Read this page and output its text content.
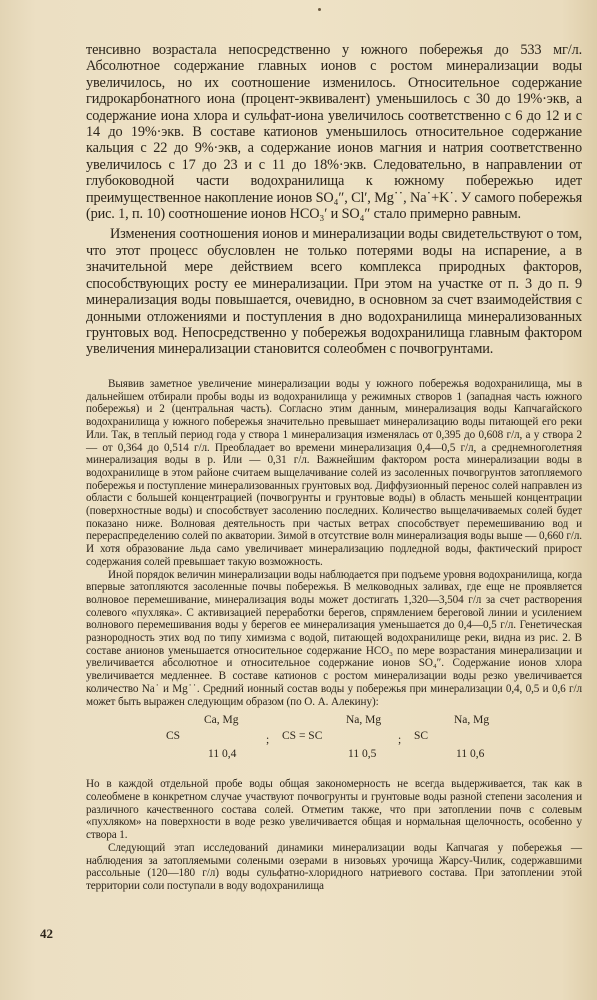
тенсивно возрастала непосредственно у южного побережья до 533 мг/л. Абсолютное содержание главных ионов с ростом минерализации воды увеличилось, но их соотношение изменилось. Относительное содержание гидрокарбонатного иона (процент-эквивалент) уменьшилось с 30 до 19%·экв, а содержание иона хлора и сульфат-иона увеличилось соответственно с 6 до 12 и с 14 до 19%·экв. В составе катионов уменьшилось относительное содержание кальция с 22 до 9%·экв, а содержание ионов магния и натрия соответственно увеличилось с 17 до 23 и с 11 до 18%·экв. Следовательно, в направлении от глубоководной части водохранилища к южному побережью идет преимущественное накопление ионов SO₄″, Cl′, Mg˙˙, Na˙+K˙. У самого побережья (рис. 1, п. 10) соотношение ионов HCO₃′ и SO₄″ стало примерно равным.

Изменения соотношения ионов и минерализации воды свидетельствуют о том, что этот процесс обусловлен не только потерями воды на испарение, а в значительной мере действием всего комплекса природных факторов, способствующих росту ее минерализации. При этом на участке от п. 3 до п. 9 минерализация воды повышается, очевидно, в основном за счет взаимодействия с донными отложениями и поступления в дно водохранилища минерализованных грунтовых вод. Непосредственно у побережья водохранилища главным фактором увеличения минерализации становится солеобмен с почвогрунтами.

Выявив заметное увеличение минерализации воды у южного побережья водохранилища, мы в дальнейшем отбирали пробы воды из водохранилища у режимных створов 1 (западная часть южного побережья) и 2 (центральная часть). Согласно этим данным, минерализация воды Капчагайского водохранилища у южного побережья значительно превышает минерализацию воды питающей его реки Или. Так, в теплый период года у створа 1 минерализация изменялась от 0,395 до 0,608 г/л, а у створа 2 — от 0,364 до 0,514 г/л. Преобладает во времени минерализация 0,4—0,5 г/л, а среднемноголетняя минерализация воды в р. Или — 0,31 г/л. Важнейшим фактором роста минерализации воды в водохранилище в этом районе считаем выщелачивание солей из засоленных почвогрунтов затопляемого побережья и поступление минерализованных грунтовых вод. Диффузионный перенос солей направлен из области с большей концентрацией (почвогрунты и грунтовые воды) в область меньшей концентрации (поверхностные воды) и способствует засолению последних. Количество выщелачиваемых солей будет показано ниже. Волновая деятельность при частых ветрах способствует перемешиванию вод и перераспределению солей по акватории. Зимой в отсутствие волн минерализация воды выше — 0,660 г/л. И хотя образование льда само увеличивает минерализацию подледной воды, фактический прирост содержания солей превышает такую возможность.

Иной порядок величин минерализации воды наблюдается при подъеме уровня водохранилища, когда впервые затопляются засоленные почвы побережья. В мелководных заливах, где еще не проявляется волновое перемешивание, минерализация воды может достигать 1,320—3,504 г/л за счет растворения солевого «пухляка». С активизацией переработки берегов, спрямлением береговой линии и усилением волнового перемешивания воды у берегов ее минерализация уменьшается до 0,4—0,5 г/л. Генетическая разнородность этих вод по типу химизма с водой, питающей водохранилище реки, видна из рис. 2. В составе анионов уменьшается относительное содержание HCO₃ по мере возрастания минерализации и увеличивается абсолютное и относительное содержание ионов SO₄″. Содержание ионов хлора увеличивается медленнее. В составе катионов с ростом минерализации воды резко увеличивается количество Na˙ и Mg˙˙. Средний ионный состав воды у побережья при минерализации 0,4, 0,5 и 0,6 г/л может быть выражен следующим образом (по О. А. Алекину):

Ca, Mg
CS
11 0,4
;
Na, Mg
CS = SC
11 0,5
;
Na, Mg
SC
11 0,6

Но в каждой отдельной пробе воды общая закономерность не всегда выдерживается, так как в солеобмене в конкретном случае участвуют почвогрунты и грунтовые воды разной степени засоления и различного качественного состава солей. Отметим также, что при затоплении почв с солевым «пухляком» на поверхности в воде резко увеличивается общая и нормальная щелочность, особенно у створа 1.

Следующий этап исследований динамики минерализации воды Капчагая у побережья — наблюдения за затопляемыми солеными озерами в низовьях урочища Жарсу-Чилик, содержавшими рассольные (120—180 г/л) воды сульфатно-хлоридного натриевого состава. При затоплении этой территории соли поступали в воду водохранилища

42
